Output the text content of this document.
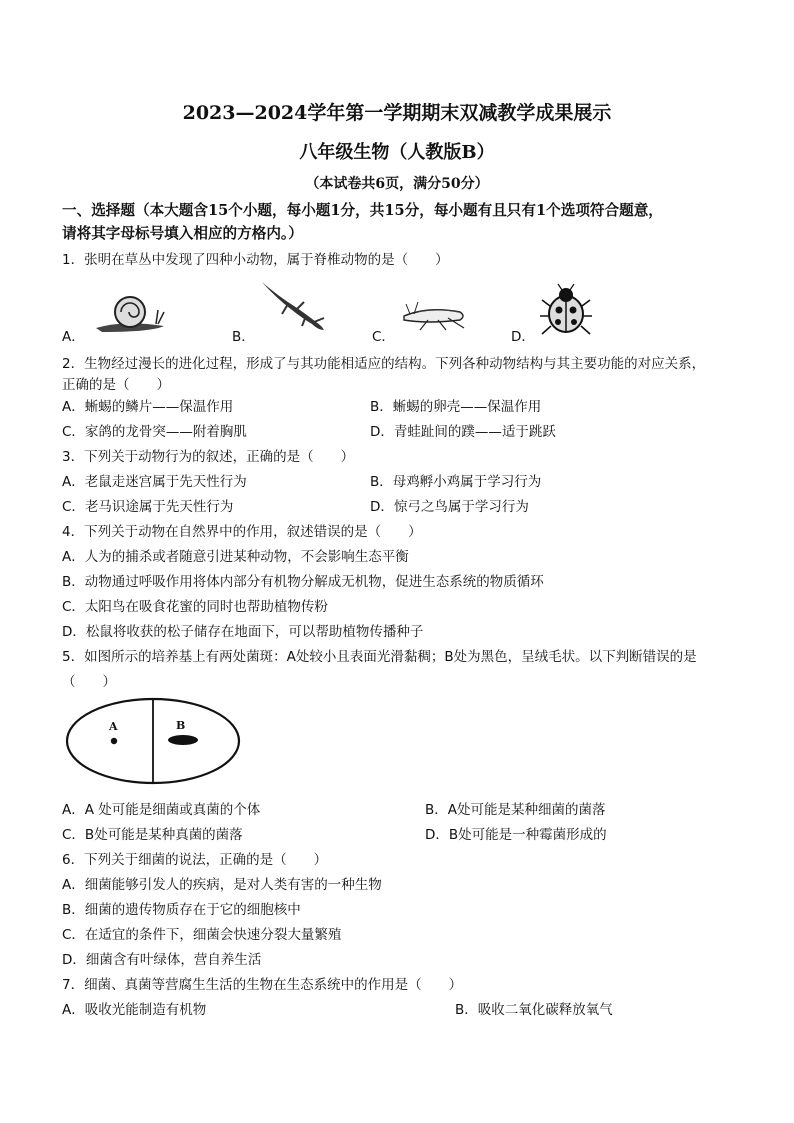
2023—2024学年第一学期期末双减教学成果展示
八年级生物（人教版B）
（本试卷共6页，满分50分）
一、选择题（本大题含15个小题，每小题1分，共15分，每小题有且只有1个选项符合题意，
请将其字母标号填入相应的方格内。）
1．张明在草丛中发现了四种小动物，属于脊椎动物的是（　　）
A．	B．	C．	D．
2．生物经过漫长的进化过程，形成了与其功能相适应的结构。下列各种动物结构与其主要功能的对应关系，
正确的是（　　）
A．蜥蜴的鳞片——保温作用	B．蜥蜴的卵壳——保温作用
C．家鸽的龙骨突——附着胸肌	D．青蛙趾间的蹼——适于跳跃
3．下列关于动物行为的叙述，正确的是（　　）
A．老鼠走迷宫属于先天性行为	B．母鸡孵小鸡属于学习行为
C．老马识途属于先天性行为	D．惊弓之鸟属于学习行为
4．下列关于动物在自然界中的作用，叙述错误的是（　　）
A．人为的捕杀或者随意引进某种动物，不会影响生态平衡
B．动物通过呼吸作用将体内部分有机物分解成无机物，促进生态系统的物质循环
C．太阳鸟在吸食花蜜的同时也帮助植物传粉
D．松鼠将收获的松子储存在地面下，可以帮助植物传播种子
5．如图所示的培养基上有两处菌斑：A处较小且表面光滑黏稠；B处为黑色，呈绒毛状。以下判断错误的是
（　　）
A	B
A．A 处可能是细菌或真菌的个体	B．A处可能是某种细菌的菌落
C．B处可能是某种真菌的菌落	D．B处可能是一种霉菌形成的
6．下列关于细菌的说法，正确的是（　　）
A．细菌能够引发人的疾病，是对人类有害的一种生物
B．细菌的遗传物质存在于它的细胞核中
C．在适宜的条件下，细菌会快速分裂大量繁殖
D．细菌含有叶绿体，营自养生活
7．细菌、真菌等营腐生生活的生物在生态系统中的作用是（　　）
A．吸收光能制造有机物	B．吸收二氧化碳释放氧气
